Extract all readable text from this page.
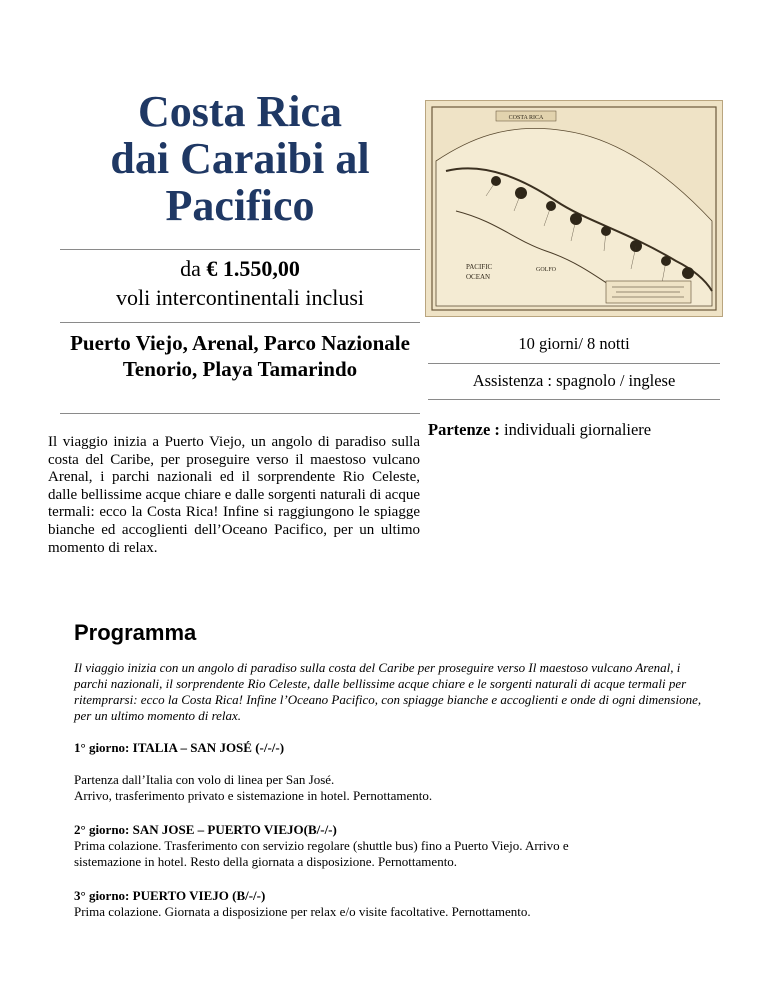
Costa Rica
dai Caraibi al
Pacifico
da € 1.550,00
voli intercontinentali inclusi
Puerto Viejo, Arenal, Parco Nazionale Tenorio, Playa Tamarindo
Il viaggio inizia a Puerto Viejo, un angolo di paradiso sulla costa del Caribe, per proseguire verso il maestoso vulcano Arenal, i parchi nazionali ed il sorprendente Rio Celeste, dalle bellissime acque chiare e dalle sorgenti naturali di acque termali: ecco la Costa Rica! Infine si raggiungono le spiagge bianche ed accoglienti dell’Oceano Pacifico, per un ultimo momento di relax.
COSTA RICA
OCEAN
PACIFIC	GOLFO
10 giorni/ 8 notti
Assistenza : spagnolo / inglese
Partenze : individuali giornaliere
Programma
Il viaggio inizia con un angolo di paradiso sulla costa del Caribe per proseguire verso Il maestoso vulcano Arenal, i parchi nazionali, il sorprendente Rio Celeste, dalle bellissime acque chiare e le sorgenti naturali di acque termali per ritemprarsi: ecco la Costa Rica! Infine l’Oceano Pacifico, con spiagge bianche e accoglienti e onde di ogni dimensione, per un ultimo momento di relax.
1° giorno: ITALIA – SAN JOSÉ (-/-/-)
Partenza dall’Italia con volo di linea per San José.
Arrivo, trasferimento privato e sistemazione in hotel. Pernottamento.
2° giorno: SAN JOSE – PUERTO VIEJO(B/-/-)
Prima colazione. Trasferimento con servizio regolare (shuttle bus) fino a Puerto Viejo. Arrivo e
sistemazione in hotel. Resto della giornata a disposizione. Pernottamento.
3° giorno: PUERTO VIEJO (B/-/-)
Prima colazione. Giornata a disposizione per relax e/o visite facoltative. Pernottamento.
